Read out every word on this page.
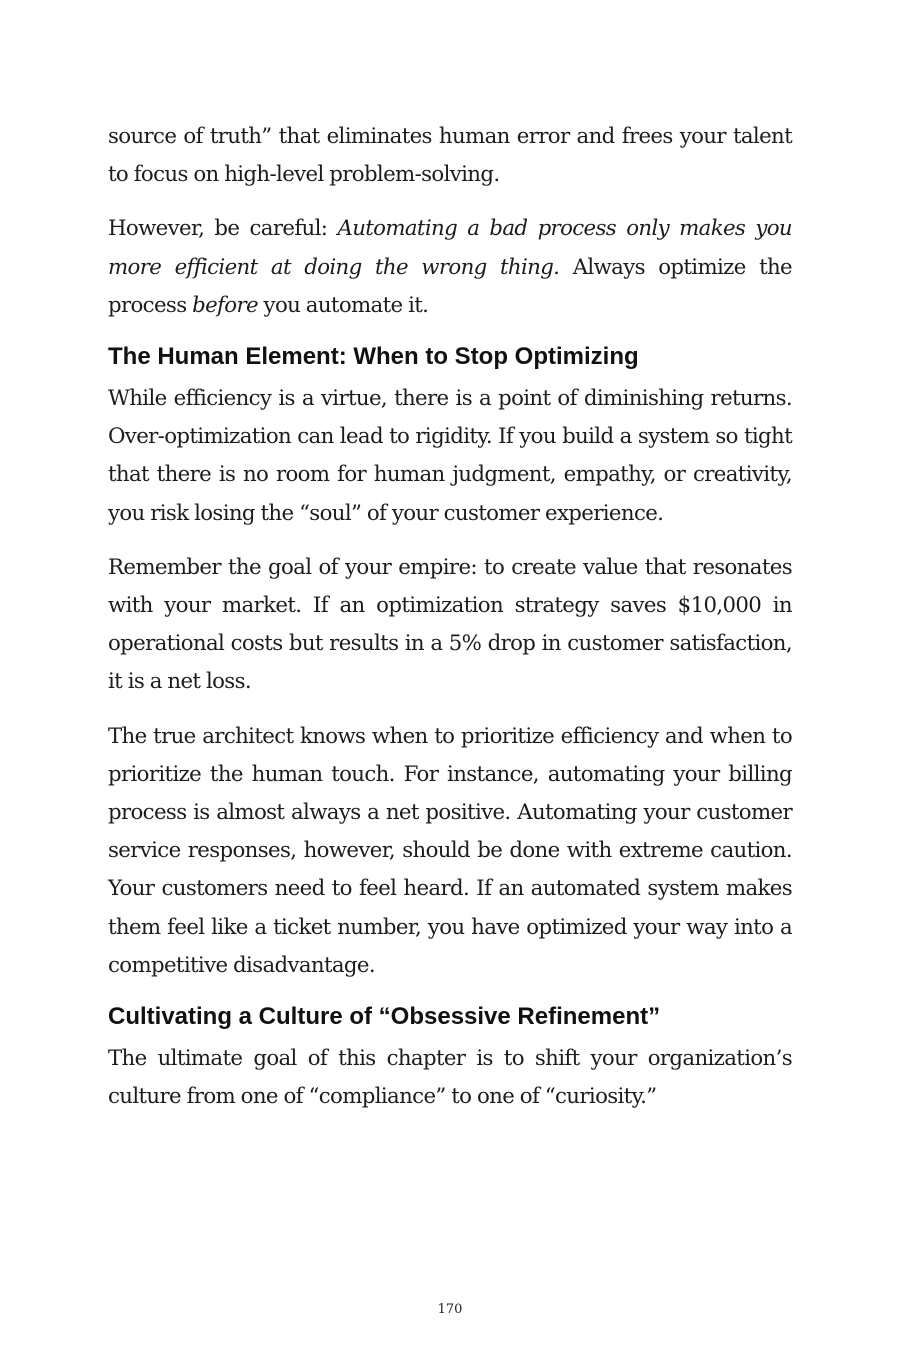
source of truth” that eliminates human error and frees your talent to focus on high-level problem-solving.

However, be careful: Automating a bad process only makes you more efficient at doing the wrong thing. Always optimize the process before you automate it.

The Human Element: When to Stop Optimizing

While efficiency is a virtue, there is a point of diminishing returns. Over-optimization can lead to rigidity. If you build a system so tight that there is no room for human judgment, empathy, or creativity, you risk losing the “soul” of your customer experience.

Remember the goal of your empire: to create value that resonates with your market. If an optimization strategy saves $10,000 in operational costs but results in a 5% drop in customer satisfaction, it is a net loss.

The true architect knows when to prioritize efficiency and when to prioritize the human touch. For instance, automating your billing process is almost always a net positive. Automating your customer service responses, however, should be done with extreme caution. Your customers need to feel heard. If an automated system makes them feel like a ticket number, you have optimized your way into a competitive disadvantage.

Cultivating a Culture of “Obsessive Refinement”

The ultimate goal of this chapter is to shift your organization’s culture from one of “compliance” to one of “curiosity.”

170
